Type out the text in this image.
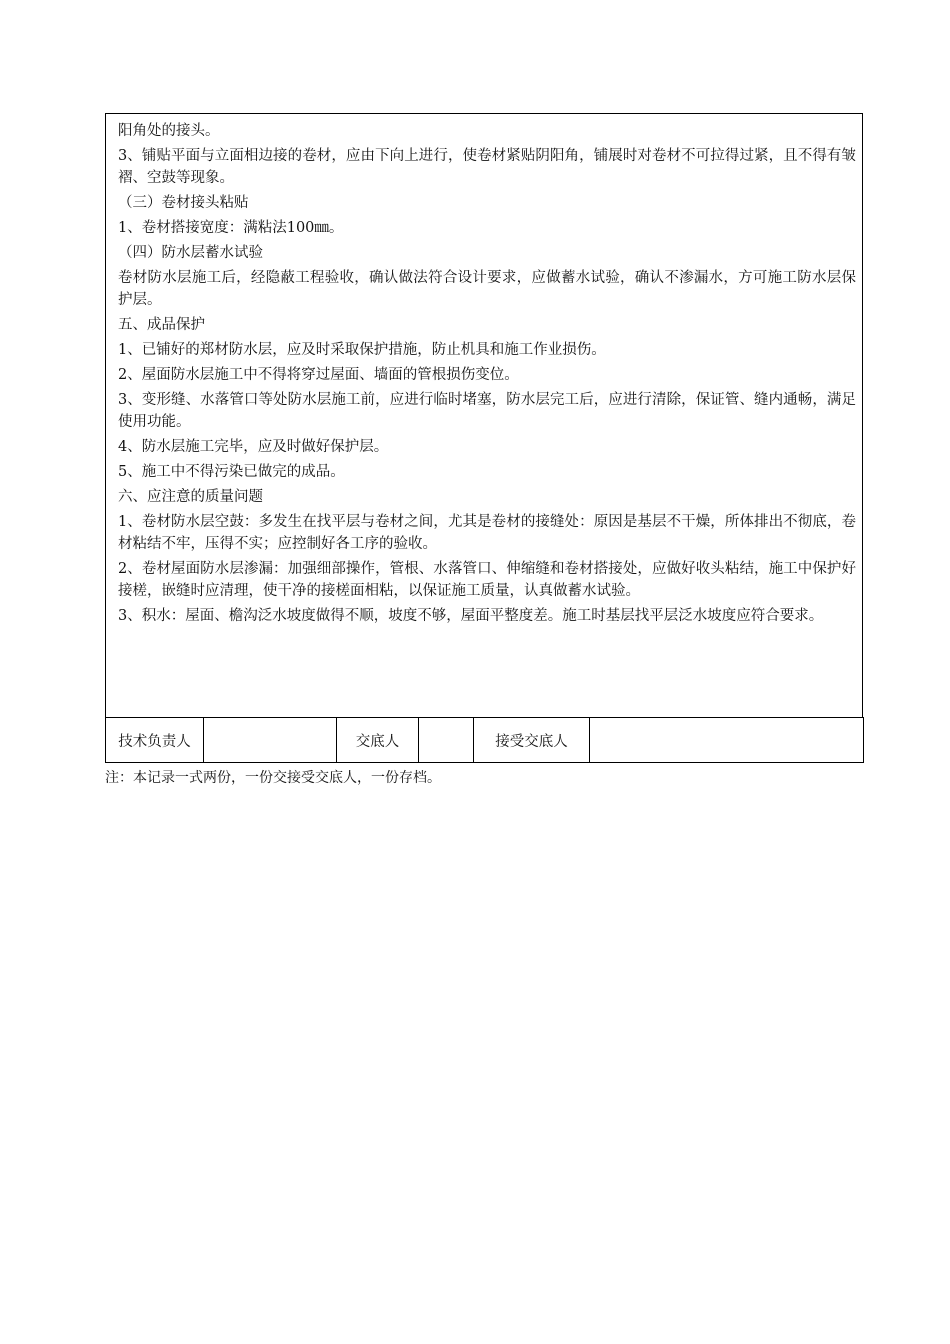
阳角处的接头。

3、铺贴平面与立面相边接的卷材，应由下向上进行，使卷材紧贴阴阳角，铺展时对卷材不可拉得过紧，且不得有皱褶、空鼓等现象。

（三）卷材接头粘贴

1、卷材搭接宽度：满粘法100㎜。

（四）防水层蓄水试验

卷材防水层施工后，经隐蔽工程验收，确认做法符合设计要求，应做蓄水试验，确认不渗漏水，方可施工防水层保护层。

五、成品保护

1、已铺好的郑材防水层，应及时采取保护措施，防止机具和施工作业损伤。

2、屋面防水层施工中不得将穿过屋面、墙面的管根损伤变位。

3、变形缝、水落管口等处防水层施工前，应进行临时堵塞，防水层完工后，应进行清除，保证管、缝内通畅，满足使用功能。

4、防水层施工完毕，应及时做好保护层。

5、施工中不得污染已做完的成品。

六、应注意的质量问题

1、卷材防水层空鼓：多发生在找平层与卷材之间，尤其是卷材的接缝处：原因是基层不干燥，所体排出不彻底，卷材粘结不牢，压得不实；应控制好各工序的验收。

2、卷材屋面防水层渗漏：加强细部操作，管根、水落管口、伸缩缝和卷材搭接处，应做好收头粘结，施工中保护好接槎，嵌缝时应清理，使干净的接槎面相粘，以保证施工质量，认真做蓄水试验。

3、积水：屋面、檐沟泛水坡度做得不顺，坡度不够，屋面平整度差。施工时基层找平层泛水坡度应符合要求。

技术负责人		交底人		接受交底人	
注：本记录一式两份，一份交接受交底人，一份存档。
